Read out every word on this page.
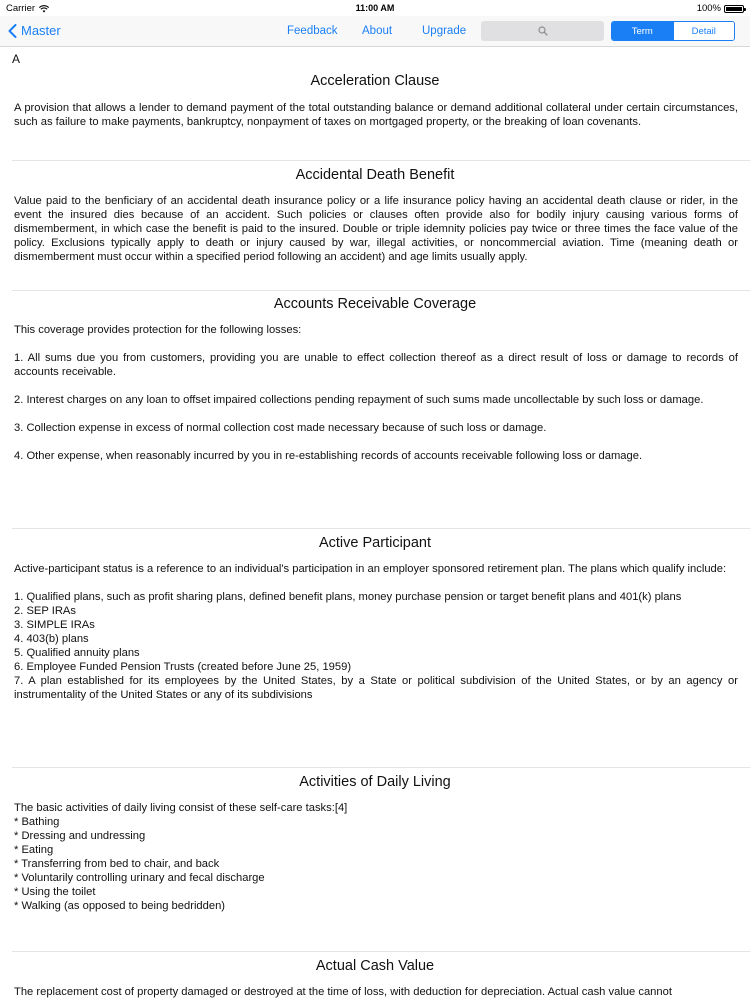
Carrier	11:00 AM	100%
Master	Feedback About	Upgrade	Term	Detail
A
Acceleration Clause

A provision that allows a lender to demand payment of the total outstanding balance or demand additional collateral under certain circumstances, such as failure to make payments, bankruptcy, nonpayment of taxes on mortgaged property, or the breaking of loan covenants.

Accidental Death Benefit

Value paid to the benficiary of an accidental death insurance policy or a life insurance policy having an accidental death clause or rider, in the event the insured dies because of an accident. Such policies or clauses often provide also for bodily injury causing various forms of dismemberment, in which case the benefit is paid to the insured. Double or triple idemnity policies pay twice or three times the face value of the policy. Exclusions typically apply to death or injury caused by war, illegal activities, or noncommercial aviation. Time (meaning death or dismemberment must occur within a specified period following an accident) and age limits usually apply.

Accounts Receivable Coverage

This coverage provides protection for the following losses:

1. All sums due you from customers, providing you are unable to effect collection thereof as a direct result of loss or damage to records of accounts receivable.

2. Interest charges on any loan to offset impaired collections pending repayment of such sums made uncollectable by such loss or damage.

3. Collection expense in excess of normal collection cost made necessary because of such loss or damage.

4. Other expense, when reasonably incurred by you in re-establishing records of accounts receivable following loss or damage.

Active Participant

Active-participant status is a reference to an individual's participation in an employer sponsored retirement plan. The plans which qualify include:

1. Qualified plans, such as profit sharing plans, defined benefit plans, money purchase pension or target benefit plans and 401(k) plans

2. SEP IRAs

3. SIMPLE IRAs

4. 403(b) plans

5. Qualified annuity plans

6. Employee Funded Pension Trusts (created before June 25, 1959)

7. A plan established for its employees by the United States, by a State or political subdivision of the United States, or by an agency or instrumentality of the United States or any of its subdivisions

Activities of Daily Living

The basic activities of daily living consist of these self-care tasks:[4]

* Bathing

* Dressing and undressing

* Eating

* Transferring from bed to chair, and back

* Voluntarily controlling urinary and fecal discharge

* Using the toilet

* Walking (as opposed to being bedridden)

Actual Cash Value

The replacement cost of property damaged or destroyed at the time of loss, with deduction for depreciation. Actual cash value cannot
